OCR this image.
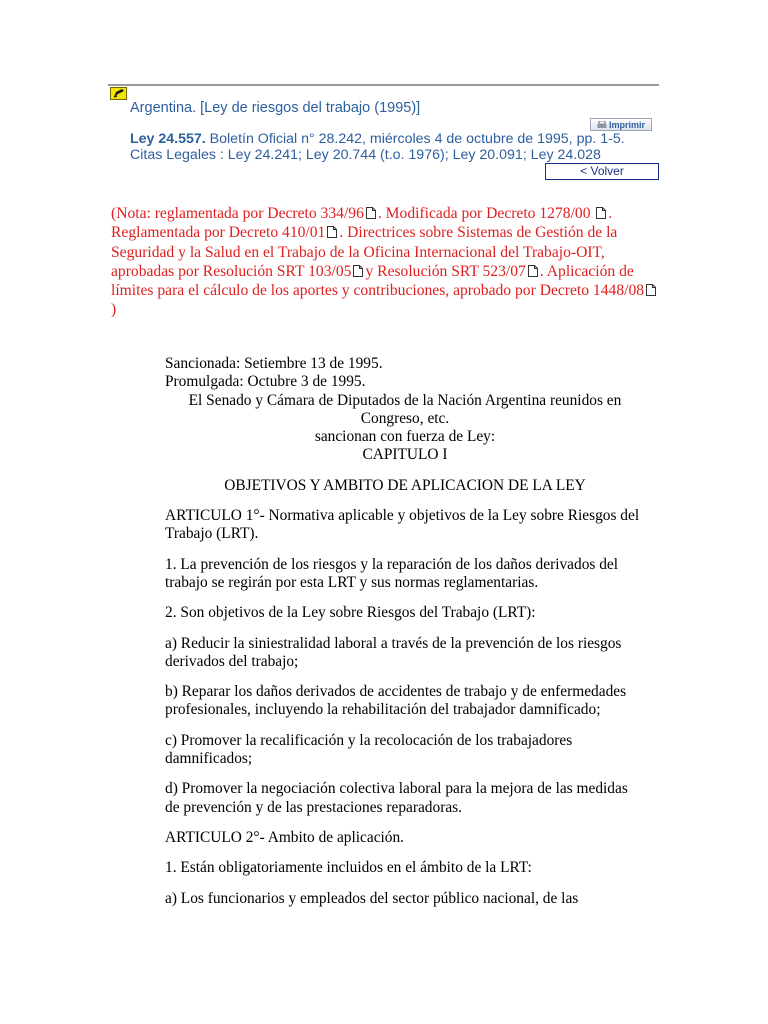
Argentina. [Ley de riesgos del trabajo (1995)]
Imprimir
Ley 24.557. Boletín Oficial n° 28.242, miércoles 4 de octubre de 1995, pp. 1-5.
Citas Legales : Ley 24.241; Ley 20.744 (t.o. 1976); Ley 20.091; Ley 24.028
< Volver
(Nota: reglamentada por Decreto 334/96 . Modificada por Decreto 1278/00 . Reglamentada por Decreto 410/01 . Directrices sobre Sistemas de Gestión de la Seguridad y la Salud en el Trabajo de la Oficina Internacional del Trabajo-OIT, aprobadas por Resolución SRT 103/05 y Resolución SRT 523/07 . Aplicación de límites para el cálculo de los aportes y contribuciones, aprobado por Decreto 1448/08)

Sancionada: Setiembre 13 de 1995.

Promulgada: Octubre 3 de 1995.

El Senado y Cámara de Diputados de la Nación Argentina reunidos en Congreso, etc.

sancionan con fuerza de Ley:

CAPITULO I

OBJETIVOS Y AMBITO DE APLICACION DE LA LEY

ARTICULO 1°- Normativa aplicable y objetivos de la Ley sobre Riesgos del Trabajo (LRT).

1. La prevención de los riesgos y la reparación de los daños derivados del trabajo se regirán por esta LRT y sus normas reglamentarias.

2. Son objetivos de la Ley sobre Riesgos del Trabajo (LRT):

a) Reducir la siniestralidad laboral a través de la prevención de los riesgos derivados del trabajo;

b) Reparar los daños derivados de accidentes de trabajo y de enfermedades profesionales, incluyendo la rehabilitación del trabajador damnificado;

c) Promover la recalificación y la recolocación de los trabajadores damnificados;

d) Promover la negociación colectiva laboral para la mejora de las medidas de prevención y de las prestaciones reparadoras.

ARTICULO 2°- Ambito de aplicación.

1. Están obligatoriamente incluidos en el ámbito de la LRT:

a) Los funcionarios y empleados del sector público nacional, de las
